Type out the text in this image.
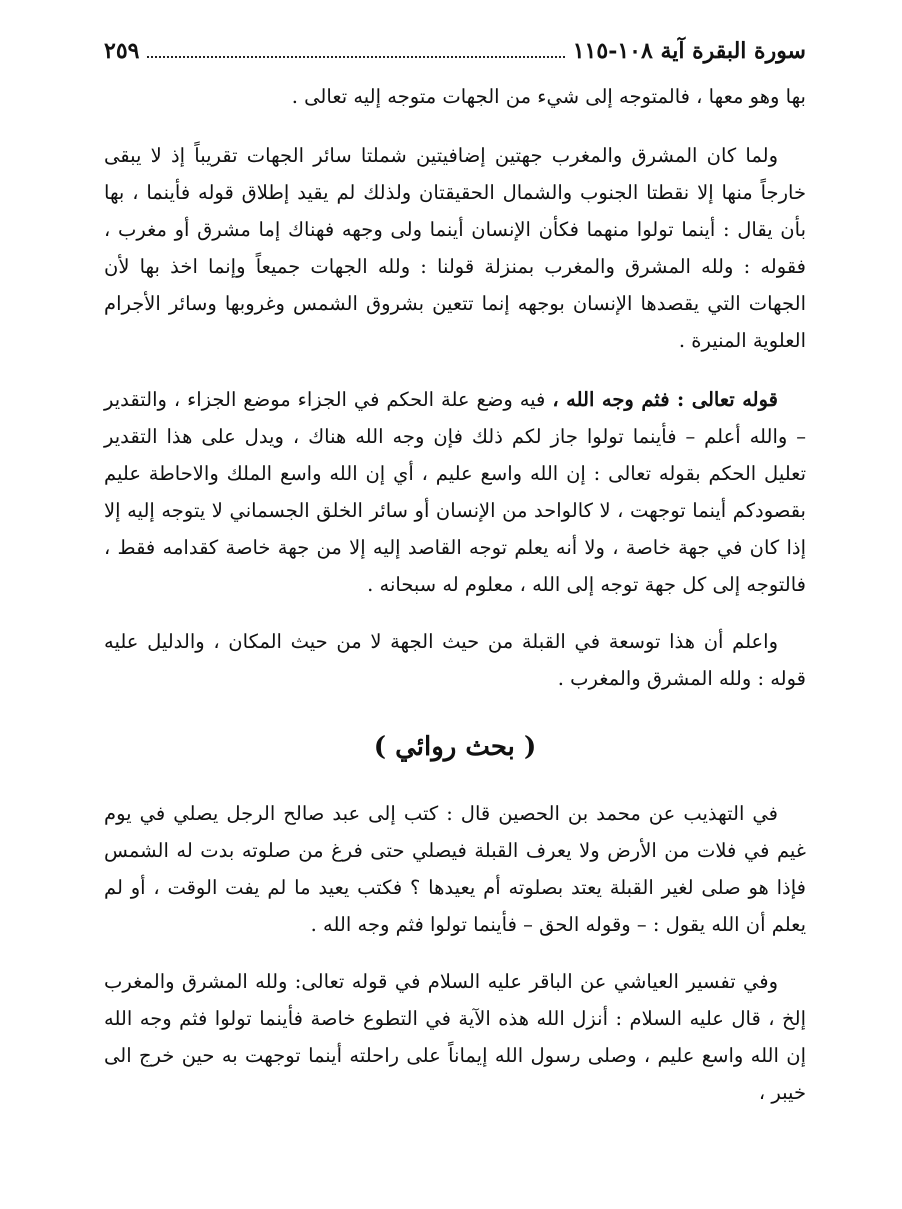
سورة البقرة آية ١٠٨-١١٥
٢٥٩

بها وهو معها ، فالمتوجه إلى شيء من الجهات متوجه إليه تعالى .

ولما كان المشرق والمغرب جهتين إضافيتين شملتا سائر الجهات تقريباً إذ لا يبقى خارجاً منها إلا نقطتا الجنوب والشمال الحقيقتان ولذلك لم يقيد إطلاق قوله فأينما ، بها بأن يقال : أينما تولوا منهما فكأن الإنسان أينما ولى وجهه فهناك إما مشرق أو مغرب ، فقوله : ولله المشرق والمغرب بمنزلة قولنا : ولله الجهات جميعاً وإنما اخذ بها لأن الجهات التي يقصدها الإنسان بوجهه إنما تتعين بشروق الشمس وغروبها وسائر الأجرام العلوية المنيرة .

قوله تعالى : فثم وجه الله ، فيه وضع علة الحكم في الجزاء موضع الجزاء ، والتقدير – والله أعلم – فأينما تولوا جاز لكم ذلك فإن وجه الله هناك ، ويدل على هذا التقدير تعليل الحكم بقوله تعالى : إن الله واسع عليم ، أي إن الله واسع الملك والاحاطة عليم بقصودكم أينما توجهت ، لا كالواحد من الإنسان أو سائر الخلق الجسماني لا يتوجه إليه إلا إذا كان في جهة خاصة ، ولا أنه يعلم توجه القاصد إليه إلا من جهة خاصة كقدامه فقط ، فالتوجه إلى كل جهة توجه إلى الله ، معلوم له سبحانه .

واعلم أن هذا توسعة في القبلة من حيث الجهة لا من حيث المكان ، والدليل عليه قوله : ولله المشرق والمغرب .

( بحث روائي )

في التهذيب عن محمد بن الحصين قال : كتب إلى عبد صالح الرجل يصلي في يوم غيم في فلات من الأرض ولا يعرف القبلة فيصلي حتى فرغ من صلوته بدت له الشمس فإذا هو صلى لغير القبلة يعتد بصلوته أم يعيدها ؟ فكتب يعيد ما لم يفت الوقت ، أو لم يعلم أن الله يقول : – وقوله الحق – فأينما تولوا فثم وجه الله .

وفي تفسير العياشي عن الباقر عليه السلام في قوله تعالى: ولله المشرق والمغرب إلخ ، قال عليه السلام : أنزل الله هذه الآية في التطوع خاصة فأينما تولوا فثم وجه الله إن الله واسع عليم ، وصلى رسول الله إيماناً على راحلته أينما توجهت به حين خرج الى خيبر ،
